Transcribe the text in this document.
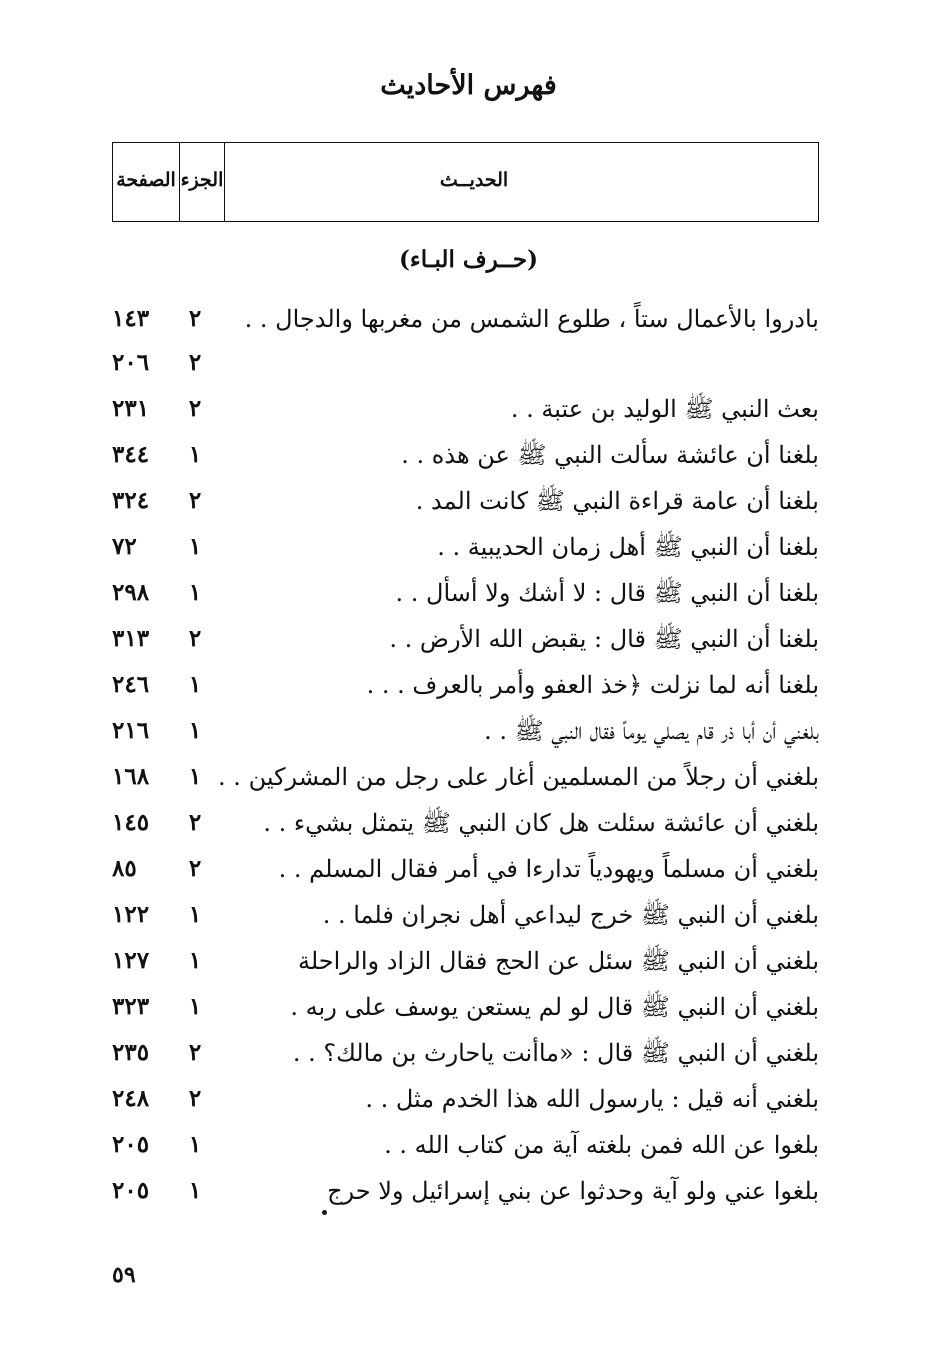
فهرس الأحاديث
الصفحة الجزء	الحديــث
(حــرف البـاء)
بادروا بالأعمال ستاً ، طلوع الشمس من مغربها والدجال . .
٢
١٤٣
٢
٢٠٦
بعث النبي ﷺ الوليد بن عتبة . .
٢
٢٣١
بلغنا أن عائشة سألت النبي ﷺ عن هذه . .
١
٣٤٤
بلغنا أن عامة قراءة النبي ﷺ كانت المد .
٢
٣٢٤
بلغنا أن النبي ﷺ أهل زمان الحديبية . .
١
٧٢
بلغنا أن النبي ﷺ قال : لا أشك ولا أسأل . .
١
٢٩٨
بلغنا أن النبي ﷺ قال : يقبض الله الأرض . .
٢
٣١٣
بلغنا أنه لما نزلت ﴿خذ العفو وأمر بالعرف . . .
١
٢٤٦
بلغني أن أبا ذر قام يصلي يوماً فقال النبي ﷺ . .
١
٢١٦
بلغني أن رجلاً من المسلمين أغار على رجل من المشركين . .
١
١٦٨
بلغني أن عائشة سئلت هل كان النبي ﷺ يتمثل بشيء . .
٢
١٤٥
بلغني أن مسلماً ويهودياً تدارءا في أمر فقال المسلم . .
٢
٨٥
بلغني أن النبي ﷺ خرج ليداعي أهل نجران فلما . .
١
١٢٢
بلغني أن النبي ﷺ سئل عن الحج فقال الزاد والراحلة
١
١٢٧
بلغني أن النبي ﷺ قال لو لم يستعن يوسف على ربه .
١
٣٢٣
بلغني أن النبي ﷺ قال : «ماأنت ياحارث بن مالك؟ . .
٢
٢٣٥
بلغني أنه قيل : يارسول الله هذا الخدم مثل . .
٢
٢٤٨
بلغوا عن الله فمن بلغته آية من كتاب الله . .
١
٢٠٥
بلغوا عني ولو آية وحدثوا عن بني إسرائيل ولا حرج
١
٢٠٥
٥٩
